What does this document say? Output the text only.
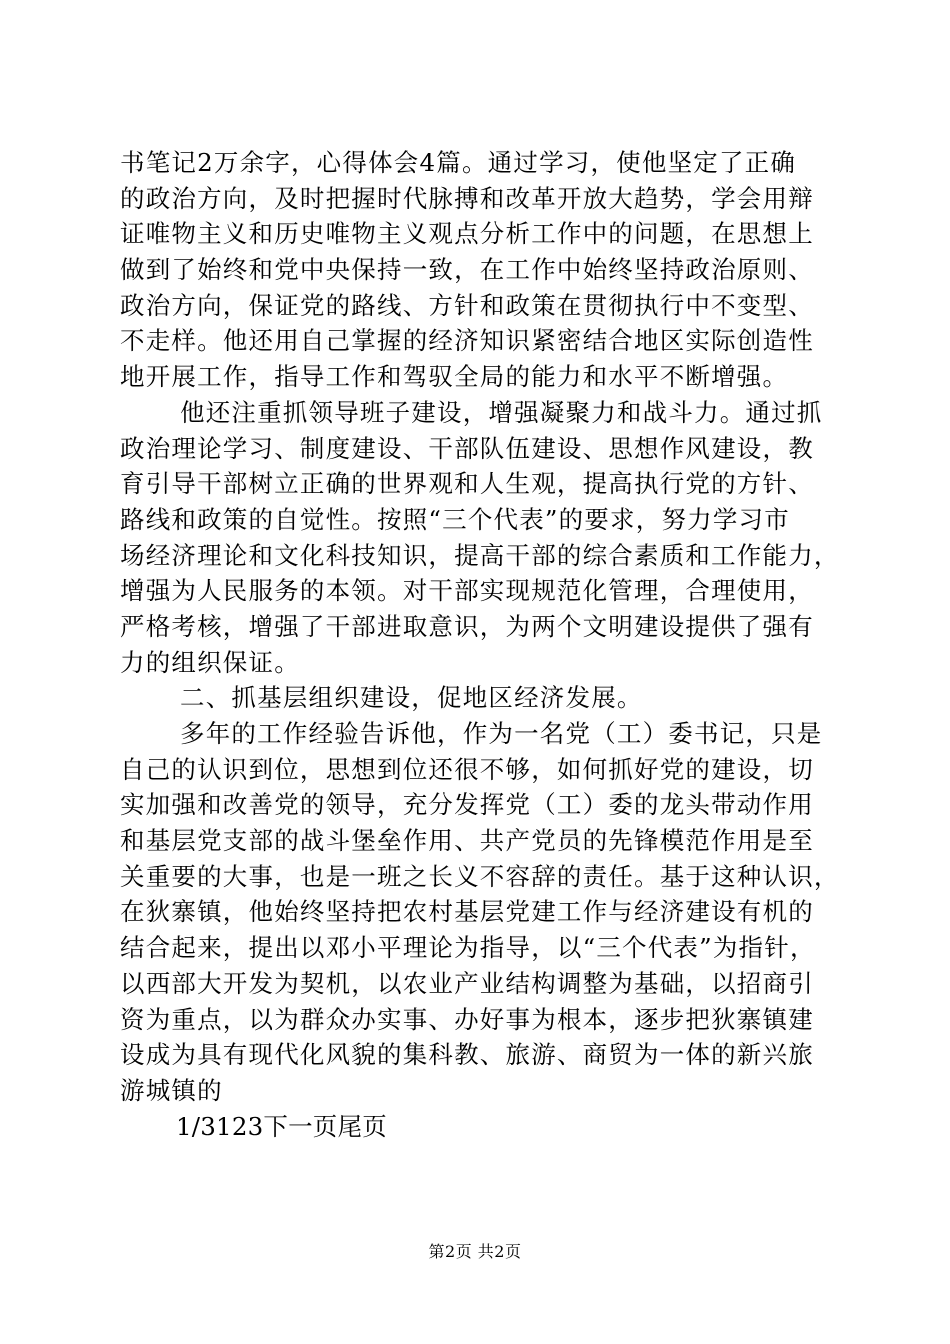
书笔记2万余字，心得体会4篇。通过学习，使他坚定了正确
的政治方向，及时把握时代脉搏和改革开放大趋势，学会用辩
证唯物主义和历史唯物主义观点分析工作中的问题，在思想上
做到了始终和党中央保持一致，在工作中始终坚持政治原则、
政治方向，保证党的路线、方针和政策在贯彻执行中不变型、
不走样。他还用自己掌握的经济知识紧密结合地区实际创造性
地开展工作，指导工作和驾驭全局的能力和水平不断增强。
他还注重抓领导班子建设，增强凝聚力和战斗力。通过抓
政治理论学习、制度建设、干部队伍建设、思想作风建设，教
育引导干部树立正确的世界观和人生观，提高执行党的方针、
路线和政策的自觉性。按照“三个代表”的要求，努力学习市
场经济理论和文化科技知识，提高干部的综合素质和工作能力，
增强为人民服务的本领。对干部实现规范化管理，合理使用，
严格考核，增强了干部进取意识，为两个文明建设提供了强有
力的组织保证。
二、抓基层组织建设，促地区经济发展。
多年的工作经验告诉他，作为一名党（工）委书记，只是
自己的认识到位，思想到位还很不够，如何抓好党的建设，切
实加强和改善党的领导，充分发挥党（工）委的龙头带动作用
和基层党支部的战斗堡垒作用、共产党员的先锋模范作用是至
关重要的大事，也是一班之长义不容辞的责任。基于这种认识，
在狄寨镇，他始终坚持把农村基层党建工作与经济建设有机的
结合起来，提出以邓小平理论为指导，以“三个代表”为指针，
以西部大开发为契机，以农业产业结构调整为基础，以招商引
资为重点，以为群众办实事、办好事为根本，逐步把狄寨镇建
设成为具有现代化风貌的集科教、旅游、商贸为一体的新兴旅
游城镇的
1/3123下一页尾页
第2页 共2页
